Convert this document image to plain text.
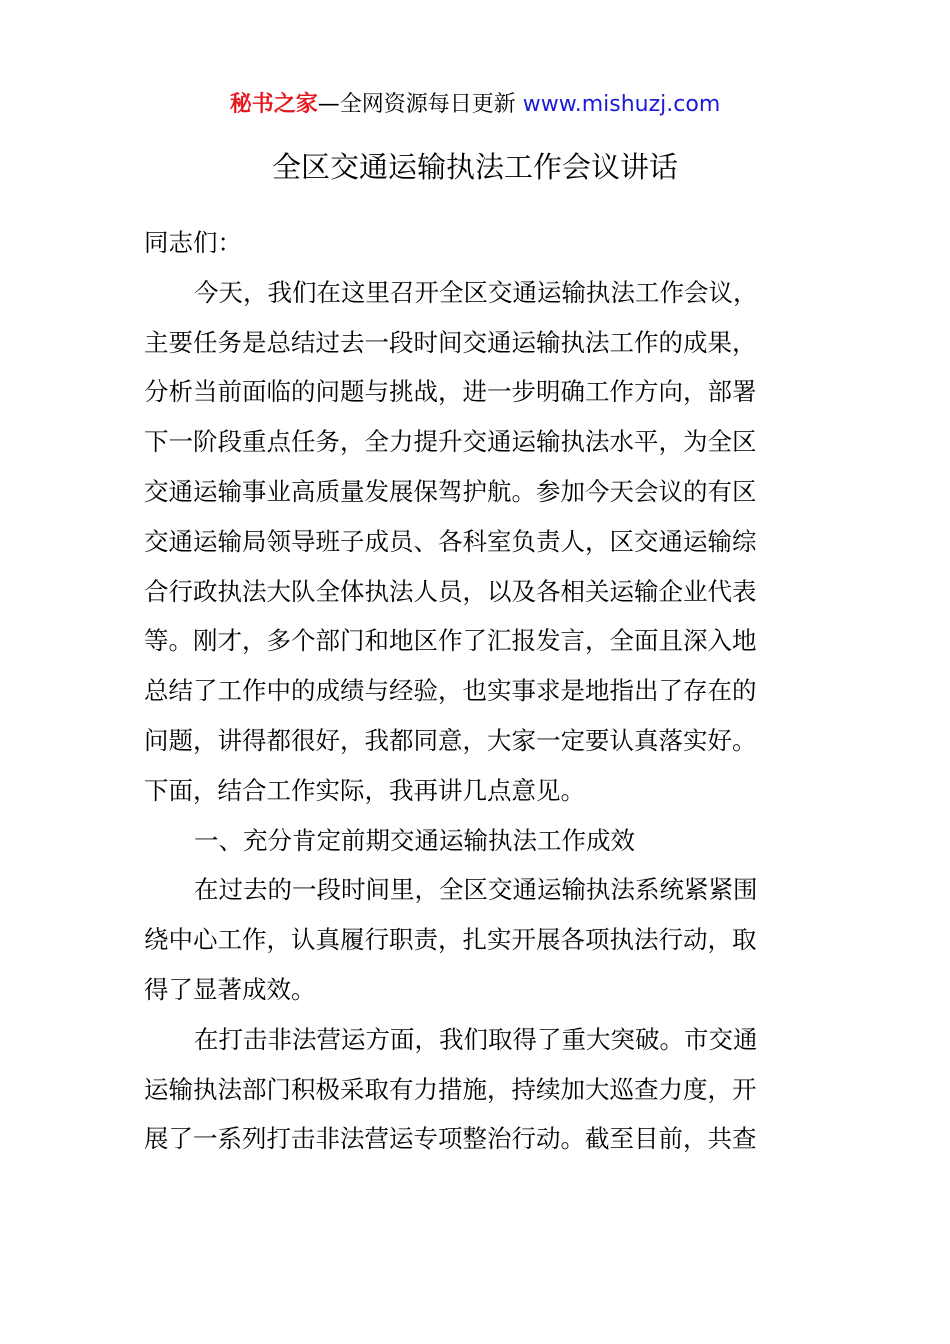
秘书之家—全网资源每日更新 www.mishuzj.com
全区交通运输执法工作会议讲话
同志们：
今天，我们在这里召开全区交通运输执法工作会议，
主要任务是总结过去一段时间交通运输执法工作的成果，
分析当前面临的问题与挑战，进一步明确工作方向，部署
下一阶段重点任务，全力提升交通运输执法水平，为全区
交通运输事业高质量发展保驾护航。参加今天会议的有区
交通运输局领导班子成员、各科室负责人，区交通运输综
合行政执法大队全体执法人员，以及各相关运输企业代表
等。刚才，多个部门和地区作了汇报发言，全面且深入地
总结了工作中的成绩与经验，也实事求是地指出了存在的
问题，讲得都很好，我都同意，大家一定要认真落实好。
下面，结合工作实际，我再讲几点意见。
一、充分肯定前期交通运输执法工作成效
在过去的一段时间里，全区交通运输执法系统紧紧围
绕中心工作，认真履行职责，扎实开展各项执法行动，取
得了显著成效。
在打击非法营运方面，我们取得了重大突破。市交通
运输执法部门积极采取有力措施，持续加大巡查力度，开
展了一系列打击非法营运专项整治行动。截至目前，共查
